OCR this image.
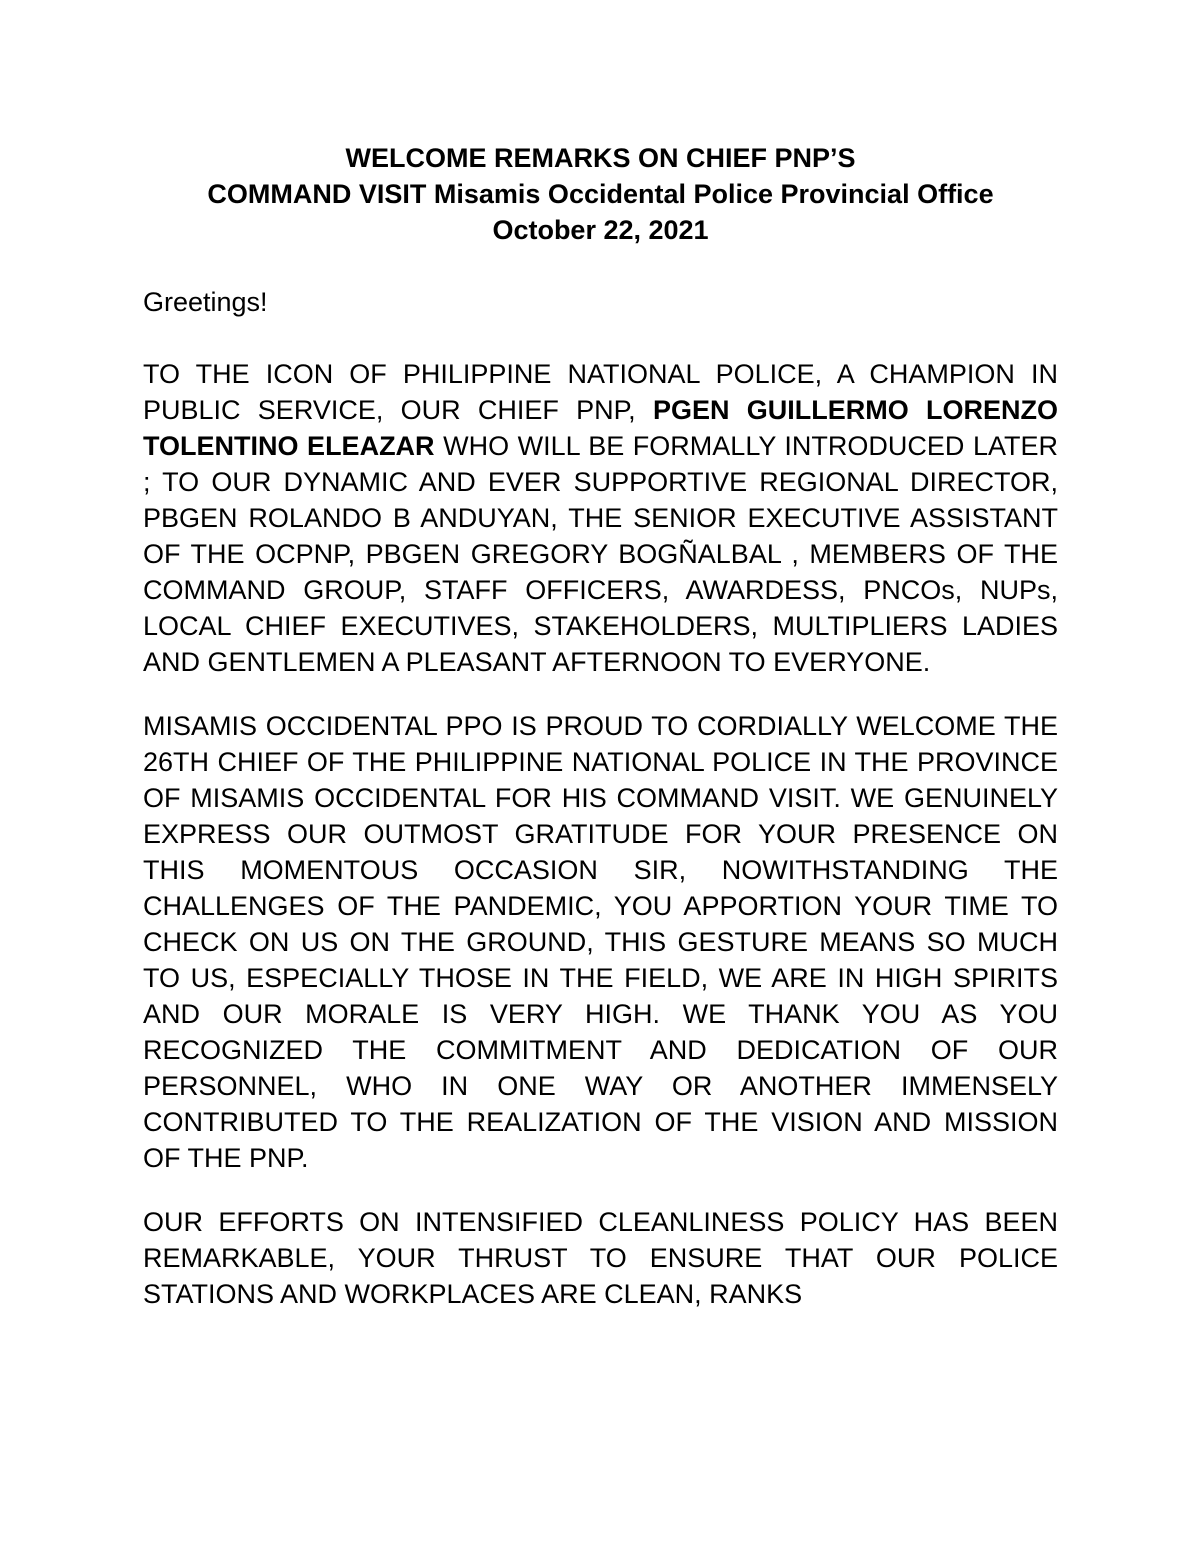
WELCOME REMARKS ON CHIEF PNP’S
COMMAND VISIT Misamis Occidental Police Provincial Office
October 22, 2021

Greetings!

TO THE ICON OF PHILIPPINE NATIONAL POLICE, A CHAMPION IN PUBLIC SERVICE, OUR CHIEF PNP, PGEN GUILLERMO LORENZO TOLENTINO ELEAZAR WHO WILL BE FORMALLY INTRODUCED LATER ; TO OUR DYNAMIC AND EVER SUPPORTIVE REGIONAL DIRECTOR, PBGEN ROLANDO B ANDUYAN, THE SENIOR EXECUTIVE ASSISTANT OF THE OCPNP, PBGEN GREGORY BOGÑALBAL , MEMBERS OF THE COMMAND GROUP, STAFF OFFICERS, AWARDESS, PNCOs, NUPs, LOCAL CHIEF EXECUTIVES, STAKEHOLDERS, MULTIPLIERS LADIES AND GENTLEMEN A PLEASANT AFTERNOON TO EVERYONE.

MISAMIS OCCIDENTAL PPO IS PROUD TO CORDIALLY WELCOME THE 26TH CHIEF OF THE PHILIPPINE NATIONAL POLICE IN THE PROVINCE OF MISAMIS OCCIDENTAL FOR HIS COMMAND VISIT. WE GENUINELY EXPRESS OUR OUTMOST GRATITUDE FOR YOUR PRESENCE ON THIS MOMENTOUS OCCASION SIR, NOWITHSTANDING THE CHALLENGES OF THE PANDEMIC, YOU APPORTION YOUR TIME TO CHECK ON US ON THE GROUND, THIS GESTURE MEANS SO MUCH TO US, ESPECIALLY THOSE IN THE FIELD, WE ARE IN HIGH SPIRITS AND OUR MORALE IS VERY HIGH. WE THANK YOU AS YOU RECOGNIZED THE COMMITMENT AND DEDICATION OF OUR PERSONNEL, WHO IN ONE WAY OR ANOTHER IMMENSELY CONTRIBUTED TO THE REALIZATION OF THE VISION AND MISSION OF THE PNP.

OUR EFFORTS ON INTENSIFIED CLEANLINESS POLICY HAS BEEN REMARKABLE, YOUR THRUST TO ENSURE THAT OUR POLICE STATIONS AND WORKPLACES ARE CLEAN, RANKS
